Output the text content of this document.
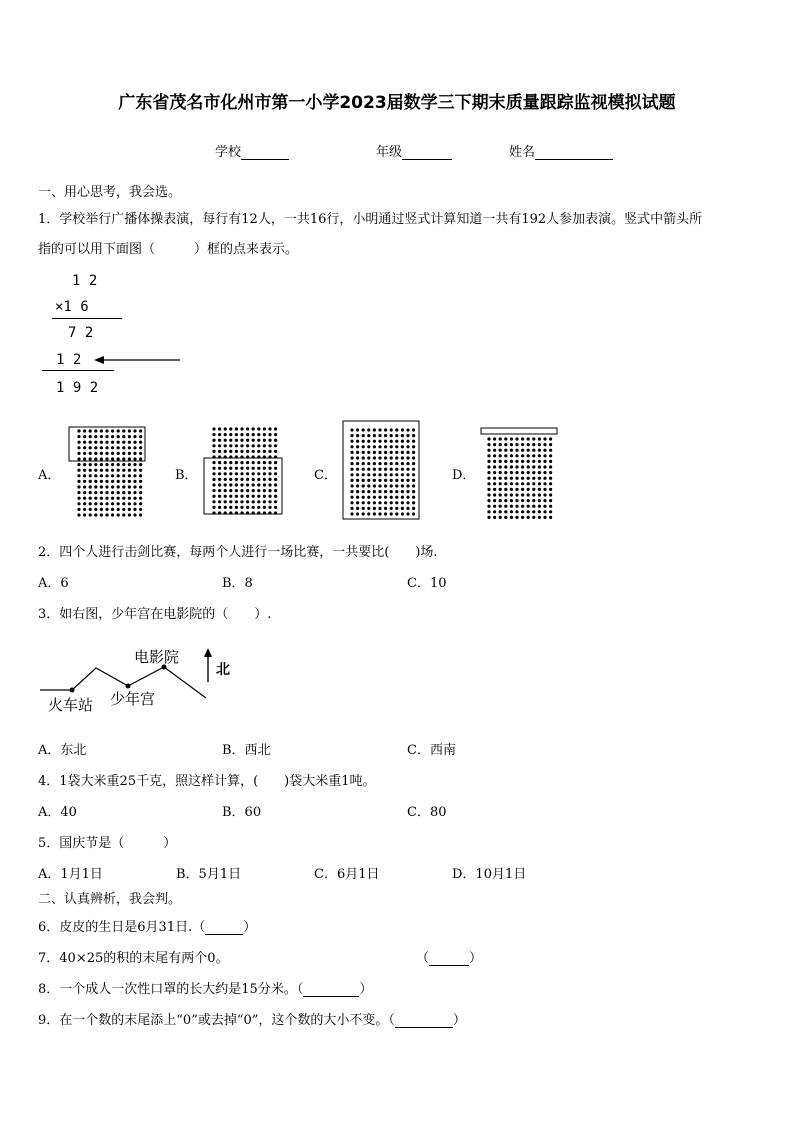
广东省茂名市化州市第一小学2023届数学三下期末质量跟踪监视模拟试题
学校	年级	姓名
一、用心思考，我会选。
1．学校举行广播体操表演，每行有12人，一共16行，小明通过竖式计算知道一共有192人参加表演。竖式中箭头所
指的可以用下面图（　　　）框的点来表示。
1 2
×1 6
7 2
1 2
1 9 2
A．	B．	C．	D．
2．四个人进行击剑比赛，每两个人进行一场比赛，一共要比(　　)场.
A．6	B．8	C．10
3．如右图，少年宫在电影院的（　　）.
电影院
火车站 少年宫
北
A．东北	B．西北	C．西南
4．1袋大米重25千克，照这样计算，(　　)袋大米重1吨。
A．40	B．60	C．80
5．国庆节是（　　　）
A．1月1日	B．5月1日	C．6月1日	D．10月1日
二、认真辨析，我会判。
6．皮皮的生日是6月31日.（	）
7．40×25的积的末尾有两个0。	（	）
8．一个成人一次性口罩的长大约是15分米。（	）
9．在一个数的末尾添上“0”或去掉“0”，这个数的大小不变。（	）
